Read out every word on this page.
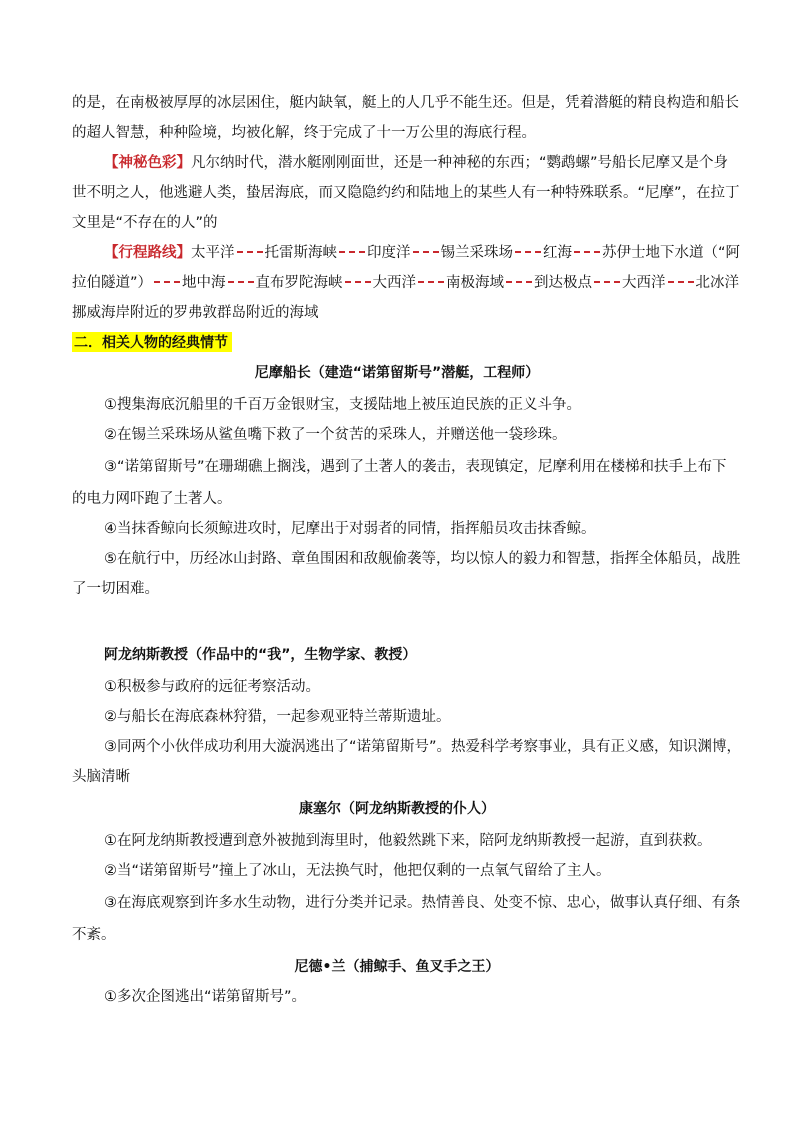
的是，在南极被厚厚的冰层困住，艇内缺氧，艇上的人几乎不能生还。但是，凭着潜艇的精良构造和船长
的超人智慧，种种险境，均被化解，终于完成了十一万公里的海底行程。
【神秘色彩】凡尔纳时代，潜水艇刚刚面世，还是一种神秘的东西；“鹦鹉螺”号船长尼摩又是个身
世不明之人，他逃避人类，蛰居海底，而又隐隐约约和陆地上的某些人有一种特殊联系。“尼摩”，在拉丁
文里是“不存在的人”的
【行程路线】太平洋 托雷斯海峡 印度洋 锡兰采珠场 红海 苏伊士地下水道（“阿
拉伯隧道”） 地中海 直布罗陀海峡 大西洋 南极海域 到达极点 大西洋 北冰洋
挪威海岸附近的罗弗敦群岛附近的海域
二．相关人物的经典情节
尼摩船长（建造“诺第留斯号”潜艇，工程师）
①搜集海底沉船里的千百万金银财宝，支援陆地上被压迫民族的正义斗争。
②在锡兰采珠场从鲨鱼嘴下救了一个贫苦的采珠人，并赠送他一袋珍珠。
③“诺第留斯号”在珊瑚礁上搁浅，遇到了土著人的袭击，表现镇定，尼摩利用在楼梯和扶手上布下
的电力网吓跑了土著人。
④当抹香鲸向长须鲸进攻时，尼摩出于对弱者的同情，指挥船员攻击抹香鲸。
⑤在航行中，历经冰山封路、章鱼围困和敌舰偷袭等，均以惊人的毅力和智慧，指挥全体船员，战胜
了一切困难。
阿龙纳斯教授（作品中的“我”，生物学家、教授）
①积极参与政府的远征考察活动。
②与船长在海底森林狩猎，一起参观亚特兰蒂斯遗址。
③同两个小伙伴成功利用大漩涡逃出了“诺第留斯号”。热爱科学考察事业，具有正义感，知识渊博，
头脑清晰
康塞尔（阿龙纳斯教授的仆人）
①在阿龙纳斯教授遭到意外被抛到海里时，他毅然跳下来，陪阿龙纳斯教授一起游，直到获救。
②当“诺第留斯号”撞上了冰山，无法换气时，他把仅剩的一点氧气留给了主人。
③在海底观察到许多水生动物，进行分类并记录。热情善良、处变不惊、忠心，做事认真仔细、有条
不紊。
尼德•兰（捕鲸手、鱼叉手之王）
①多次企图逃出“诺第留斯号”。
